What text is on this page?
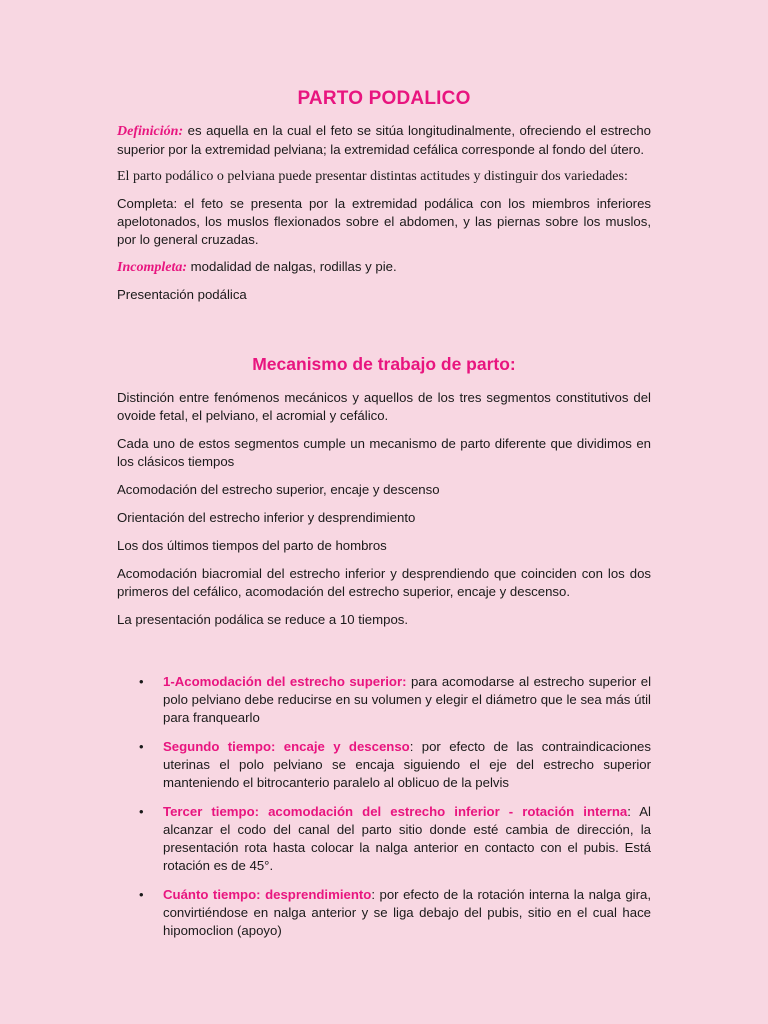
PARTO PODALICO

Definición: es aquella en la cual el feto se sitúa longitudinalmente, ofreciendo el estrecho superior por la extremidad pelviana; la extremidad cefálica corresponde al fondo del útero.

El parto podálico o pelviana puede presentar distintas actitudes y distinguir dos variedades:

Completa: el feto se presenta por la extremidad podálica con los miembros inferiores apelotonados, los muslos flexionados sobre el abdomen, y las piernas sobre los muslos, por lo general cruzadas.

Incompleta: modalidad de nalgas, rodillas y pie.

Presentación podálica

Mecanismo de trabajo de parto:

Distinción entre fenómenos mecánicos y aquellos de los tres segmentos constitutivos del ovoide fetal, el pelviano, el acromial y cefálico.

Cada uno de estos segmentos cumple un mecanismo de parto diferente que dividimos en los clásicos tiempos

Acomodación del estrecho superior, encaje y descenso

Orientación del estrecho inferior y desprendimiento

Los dos últimos tiempos del parto de hombros

Acomodación biacromial del estrecho inferior y desprendiendo que coinciden con los dos primeros del cefálico, acomodación del estrecho superior, encaje y descenso.

La presentación podálica se reduce a 10 tiempos.

• 1-Acomodación del estrecho superior: para acomodarse al estrecho superior el polo pelviano debe reducirse en su volumen y elegir el diámetro que le sea más útil para franquearlo
• Segundo tiempo: encaje y descenso: por efecto de las contraindicaciones uterinas el polo pelviano se encaja siguiendo el eje del estrecho superior manteniendo el bitrocanterio paralelo al oblicuo de la pelvis
• Tercer tiempo: acomodación del estrecho inferior - rotación interna: Al alcanzar el codo del canal del parto sitio donde esté cambia de dirección, la presentación rota hasta colocar la nalga anterior en contacto con el pubis. Está rotación es de 45°.
• Cuánto tiempo: desprendimiento: por efecto de la rotación interna la nalga gira, convirtiéndose en nalga anterior y se liga debajo del pubis, sitio en el cual hace hipomoclion (apoyo)
